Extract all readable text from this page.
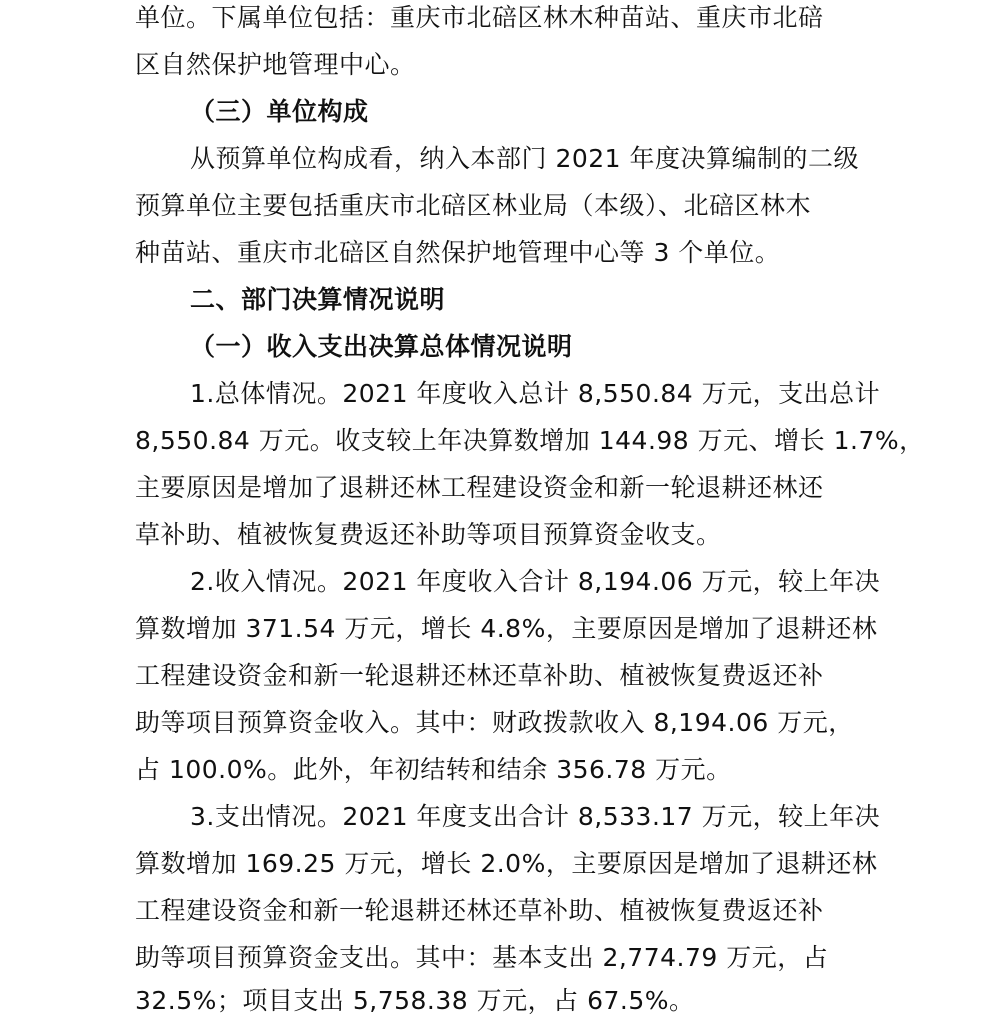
单位。下属单位包括：重庆市北碚区林木种苗站、重庆市北碚
区自然保护地管理中心。
（三）单位构成
从预算单位构成看，纳入本部门 2021 年度决算编制的二级
预算单位主要包括重庆市北碚区林业局（本级）、北碚区林木
种苗站、重庆市北碚区自然保护地管理中心等 3 个单位。
二、部门决算情况说明
（一）收入支出决算总体情况说明
1.总体情况。2021 年度收入总计 8,550.84 万元，支出总计
8,550.84 万元。收支较上年决算数增加 144.98 万元、增长 1.7%，
主要原因是增加了退耕还林工程建设资金和新一轮退耕还林还
草补助、植被恢复费返还补助等项目预算资金收支。
2.收入情况。2021 年度收入合计 8,194.06 万元，较上年决
算数增加 371.54 万元，增长 4.8%，主要原因是增加了退耕还林
工程建设资金和新一轮退耕还林还草补助、植被恢复费返还补
助等项目预算资金收入。其中：财政拨款收入 8,194.06 万元，
占 100.0%。此外，年初结转和结余 356.78 万元。
3.支出情况。2021 年度支出合计 8,533.17 万元，较上年决
算数增加 169.25 万元，增长 2.0%，主要原因是增加了退耕还林
工程建设资金和新一轮退耕还林还草补助、植被恢复费返还补
助等项目预算资金支出。其中：基本支出 2,774.79 万元，占
32.5%；项目支出 5,758.38 万元，占 67.5%。
